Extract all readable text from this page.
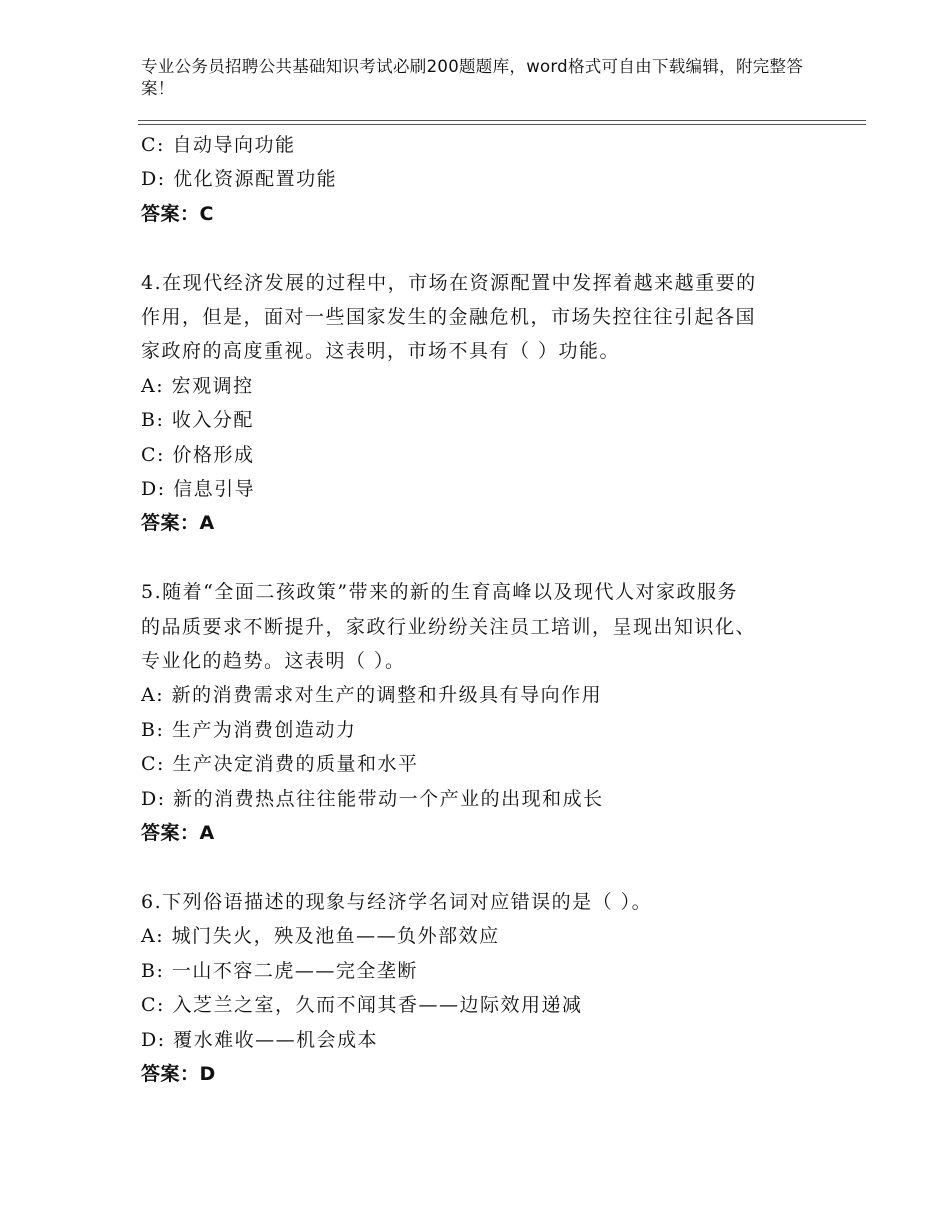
专业公务员招聘公共基础知识考试必刷200题题库，word格式可自由下载编辑，附完整答案！
C: 自动导向功能
D: 优化资源配置功能
答案：C
4.在现代经济发展的过程中，市场在资源配置中发挥着越来越重要的
作用，但是，面对一些国家发生的金融危机，市场失控往往引起各国
家政府的高度重视。这表明，市场不具有（ ）功能。
A: 宏观调控
B: 收入分配
C: 价格形成
D: 信息引导
答案：A
5.随着“全面二孩政策”带来的新的生育高峰以及现代人对家政服务
的品质要求不断提升，家政行业纷纷关注员工培训，呈现出知识化、
专业化的趋势。这表明（ ）。
A: 新的消费需求对生产的调整和升级具有导向作用
B: 生产为消费创造动力
C: 生产决定消费的质量和水平
D: 新的消费热点往往能带动一个产业的出现和成长
答案：A
6.下列俗语描述的现象与经济学名词对应错误的是（ ）。
A: 城门失火，殃及池鱼——负外部效应
B: 一山不容二虎——完全垄断
C: 入芝兰之室，久而不闻其香——边际效用递减
D: 覆水难收——机会成本
答案：D
